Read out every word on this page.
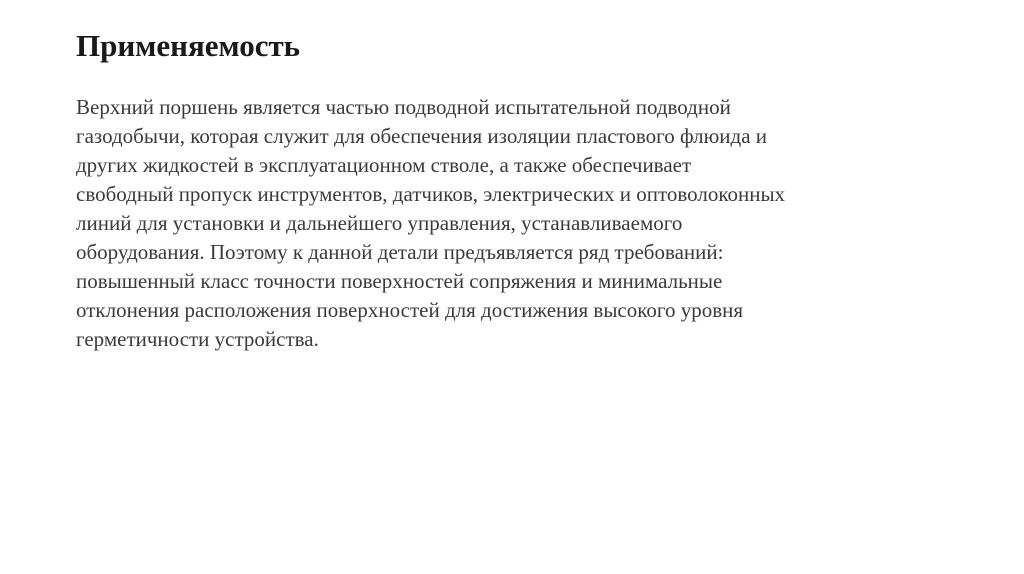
Применяемость

Верхний поршень является частью подводной испытательной подводной
газодобычи, которая служит для обеспечения изоляции пластового флюида и
других жидкостей в эксплуатационном стволе, а также обеспечивает
свободный пропуск инструментов, датчиков, электрических и оптоволоконных
линий для установки и дальнейшего управления, устанавливаемого
оборудования. Поэтому к данной детали предъявляется ряд требований:
повышенный класс точности поверхностей сопряжения и минимальные
отклонения расположения поверхностей для достижения высокого уровня
герметичности устройства.
